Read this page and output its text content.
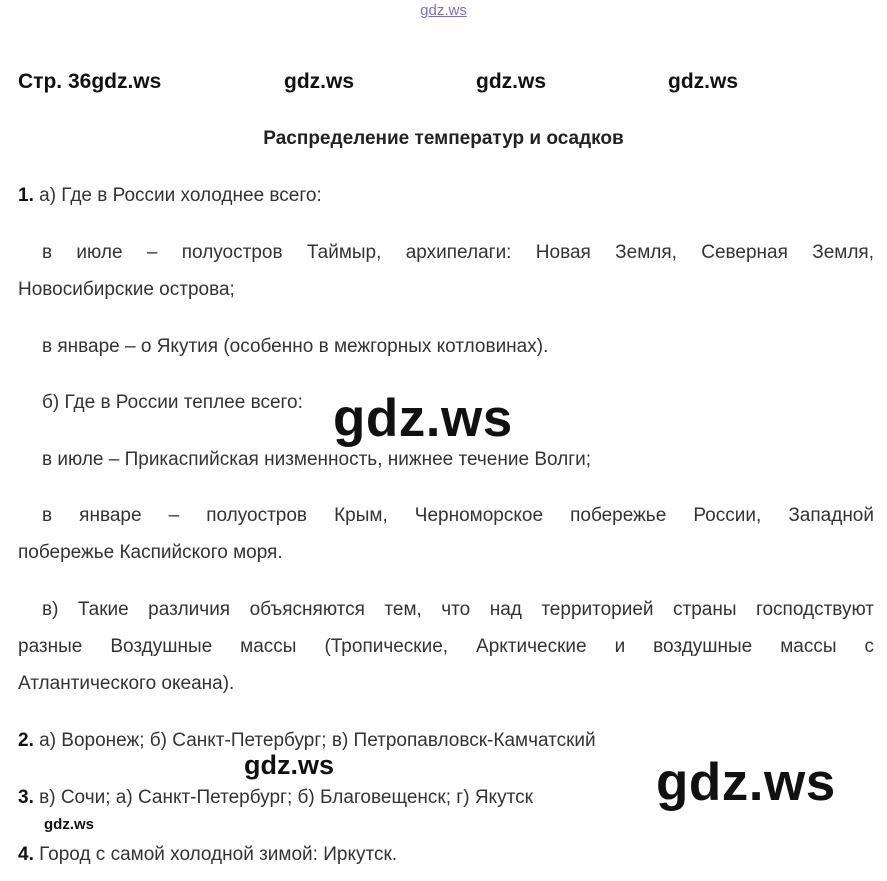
gdz.ws
Стр. 36gdz.ws	gdz.ws	gdz.ws	gdz.ws
Распределение температур и осадков
1. а) Где в России холоднее всего:
в июле – полуостров Таймыр, архипелаги: Новая Земля, Северная Земля,
Новосибирские острова;
в январе – о Якутия (особенно в межгорных котловинах).
б) Где в России теплее всего:
в июле – Прикаспийская низменность, нижнее течение Волги;
в январе – полуостров Крым, Черноморское побережье России, Западной
побережье Каспийского моря.
в) Такие различия объясняются тем, что над территорией страны господствуют
разные Воздушные массы (Тропические, Арктические и воздушные массы с
Атлантического океана).
2. а) Воронеж; б) Санкт-Петербург; в) Петропавловск-Камчатский
3. в) Сочи; а) Санкт-Петербург; б) Благовещенск; г) Якутск
4. Город с самой холодной зимой: Иркутск.
gdz.ws
gdz.ws	gdz.ws
gdz.ws
